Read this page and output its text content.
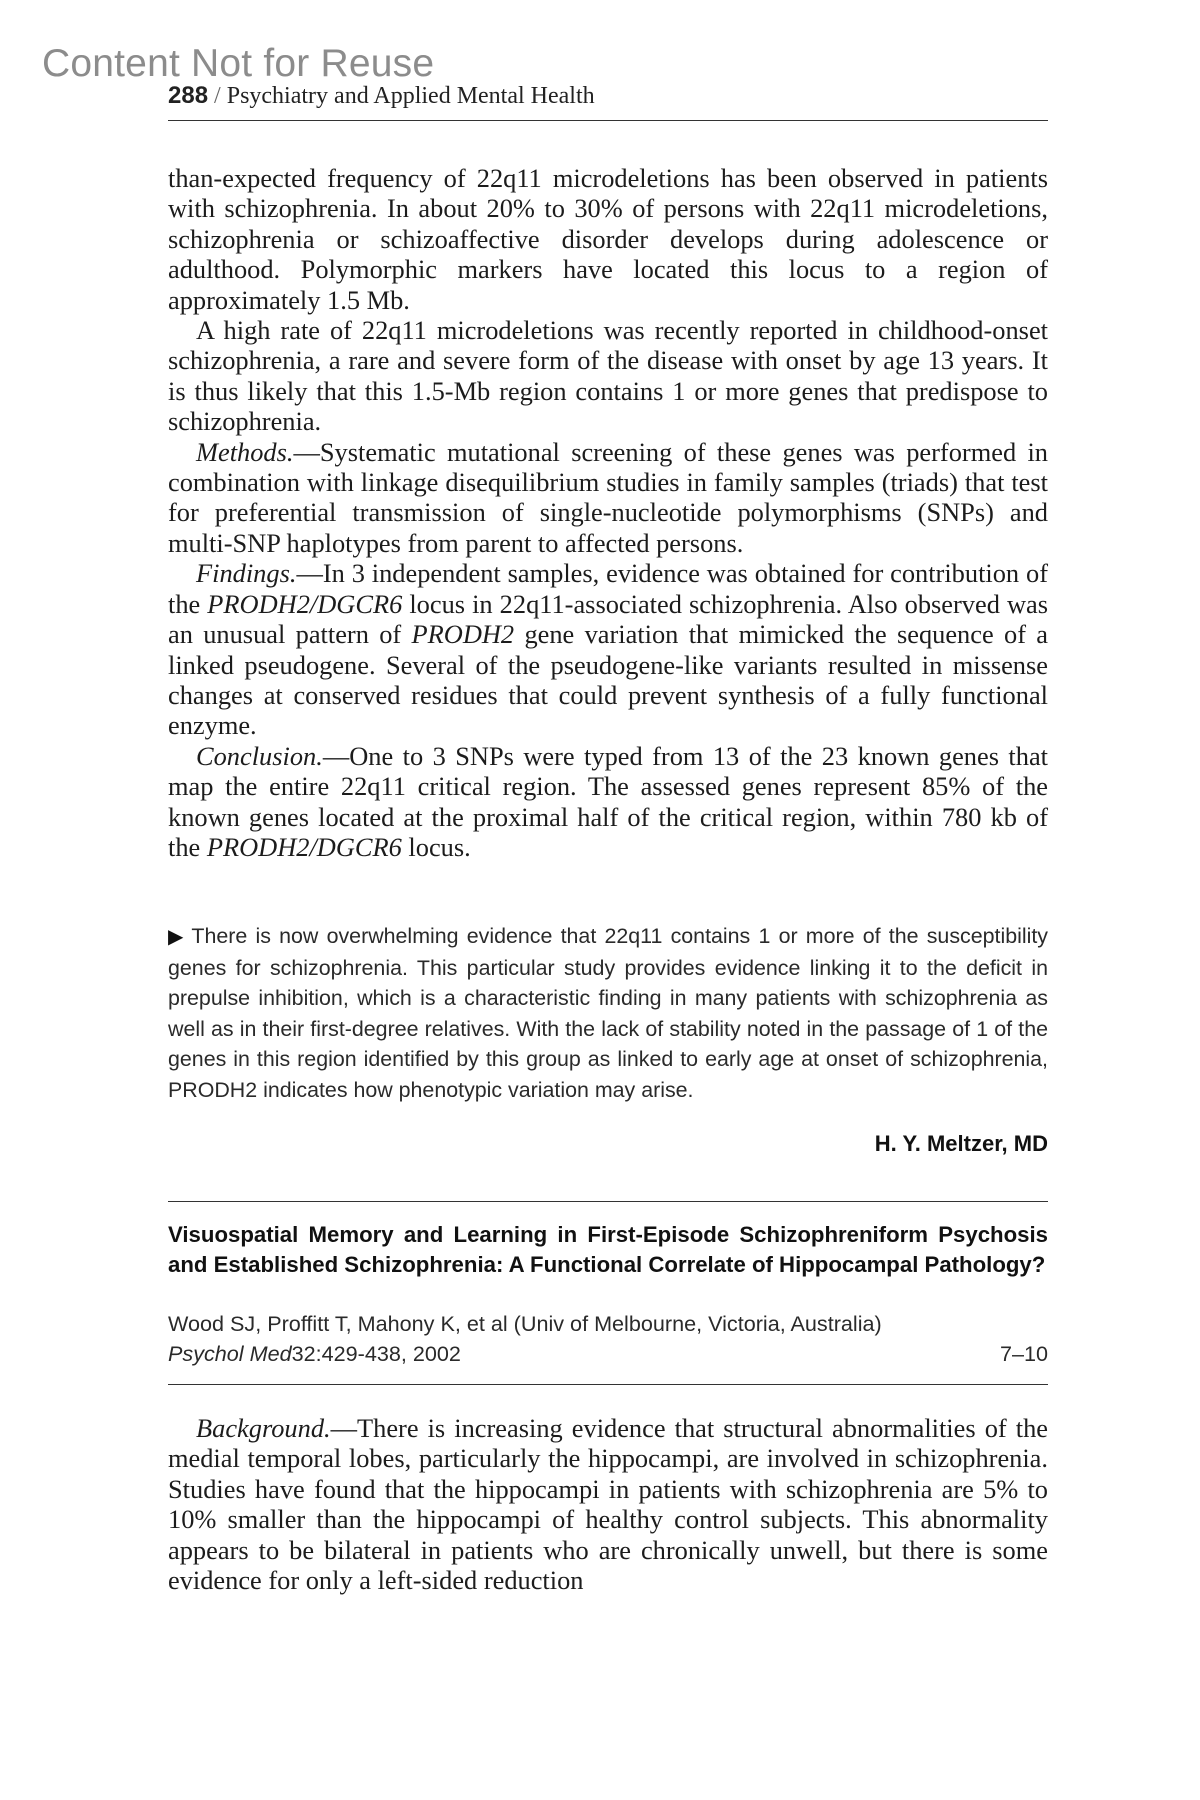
Content Not for Reuse
288 / Psychiatry and Applied Mental Health

than-expected frequency of 22q11 microdeletions has been observed in patients with schizophrenia. In about 20% to 30% of persons with 22q11 microdeletions, schizophrenia or schizoaffective disorder develops during adolescence or adulthood. Polymorphic markers have located this locus to a region of approximately 1.5 Mb.

A high rate of 22q11 microdeletions was recently reported in childhood-onset schizophrenia, a rare and severe form of the disease with onset by age 13 years. It is thus likely that this 1.5-Mb region contains 1 or more genes that predispose to schizophrenia.

Methods.—Systematic mutational screening of these genes was performed in combination with linkage disequilibrium studies in family samples (triads) that test for preferential transmission of single-nucleotide polymorphisms (SNPs) and multi-SNP haplotypes from parent to affected persons.

Findings.—In 3 independent samples, evidence was obtained for contribution of the PRODH2/DGCR6 locus in 22q11-associated schizophrenia. Also observed was an unusual pattern of PRODH2 gene variation that mimicked the sequence of a linked pseudogene. Several of the pseudogene-like variants resulted in missense changes at conserved residues that could prevent synthesis of a fully functional enzyme.

Conclusion.—One to 3 SNPs were typed from 13 of the 23 known genes that map the entire 22q11 critical region. The assessed genes represent 85% of the known genes located at the proximal half of the critical region, within 780 kb of the PRODH2/DGCR6 locus.

▶ There is now overwhelming evidence that 22q11 contains 1 or more of the susceptibility genes for schizophrenia. This particular study provides evidence linking it to the deficit in prepulse inhibition, which is a characteristic finding in many patients with schizophrenia as well as in their first-degree relatives. With the lack of stability noted in the passage of 1 of the genes in this region identified by this group as linked to early age at onset of schizophrenia, PRODH2 indicates how phenotypic variation may arise.

H. Y. Meltzer, MD
Visuospatial Memory and Learning in First-Episode Schizophreniform Psychosis and Established Schizophrenia: A Functional Correlate of Hippocampal Pathology?
Wood SJ, Proffitt T, Mahony K, et al (Univ of Melbourne, Victoria, Australia)
Psychol Med32:429-438, 2002	7–10

Background.—There is increasing evidence that structural abnormalities of the medial temporal lobes, particularly the hippocampi, are involved in schizophrenia. Studies have found that the hippocampi in patients with schizophrenia are 5% to 10% smaller than the hippocampi of healthy control subjects. This abnormality appears to be bilateral in patients who are chronically unwell, but there is some evidence for only a left-sided reduction
